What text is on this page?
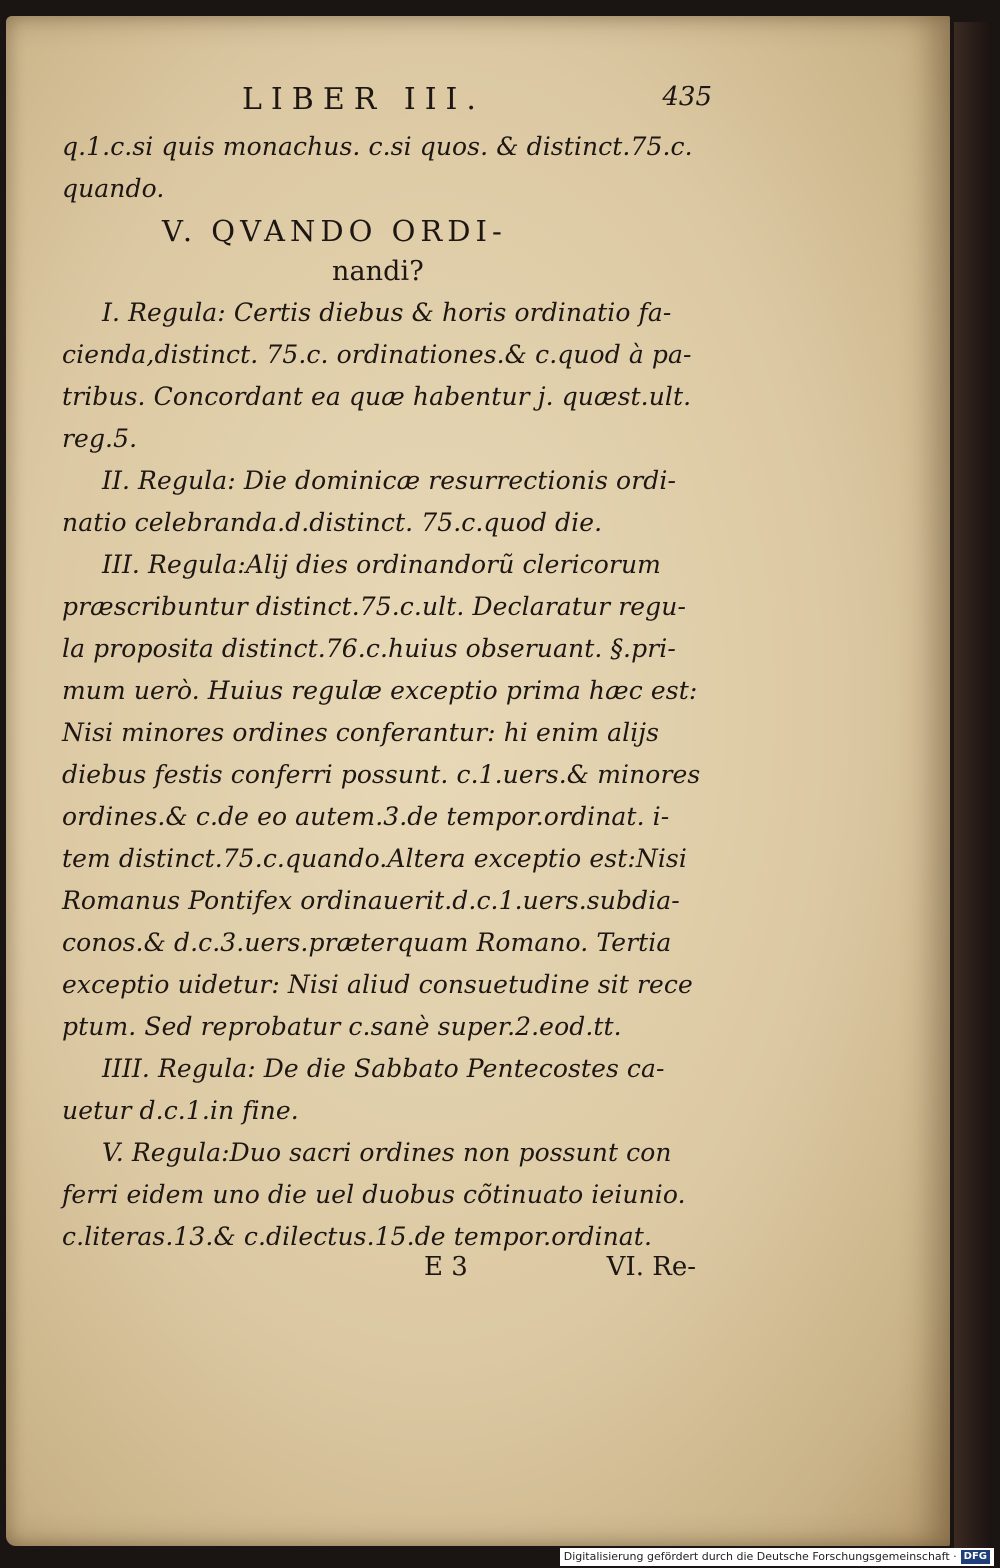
LIBER III.	435
q.1.c.si quis monachus. c.si quos. & distinct.75.c.
quando.
V. QVANDO ORDI-
nandi?
I. Regula: Certis diebus & horis ordinatio fa-
cienda,distinct. 75.c. ordinationes.& c.quod à pa-
tribus. Concordant ea quæ habentur j. quæst.ult.
reg.5.
II. Regula: Die dominicæ resurrectionis ordi-
natio celebranda.d.distinct. 75.c.quod die.
III. Regula:Alij dies ordinandorũ clericorum
præscribuntur distinct.75.c.ult. Declaratur regu-
la proposita distinct.76.c.huius obseruant. §.pri-
mum uerò. Huius regulæ exceptio prima hæc est:
Nisi minores ordines conferantur: hi enim alijs
diebus festis conferri possunt. c.1.uers.& minores
ordines.& c.de eo autem.3.de tempor.ordinat. i-
tem distinct.75.c.quando.Altera exceptio est:Nisi
Romanus Pontifex ordinauerit.d.c.1.uers.subdia-
conos.& d.c.3.uers.præterquam Romano. Tertia
exceptio uidetur: Nisi aliud consuetudine sit rece
ptum. Sed reprobatur c.sanè super.2.eod.tt.
IIII. Regula: De die Sabbato Pentecostes ca-
uetur d.c.1.in fine.
V. Regula:Duo sacri ordines non possunt con
ferri eidem uno die uel duobus cõtinuato ieiunio.
c.literas.13.& c.dilectus.15.de tempor.ordinat.
E 3	VI. Re-
Digitalisierung gefördert durch die Deutsche Forschungsgemeinschaft · DFG
